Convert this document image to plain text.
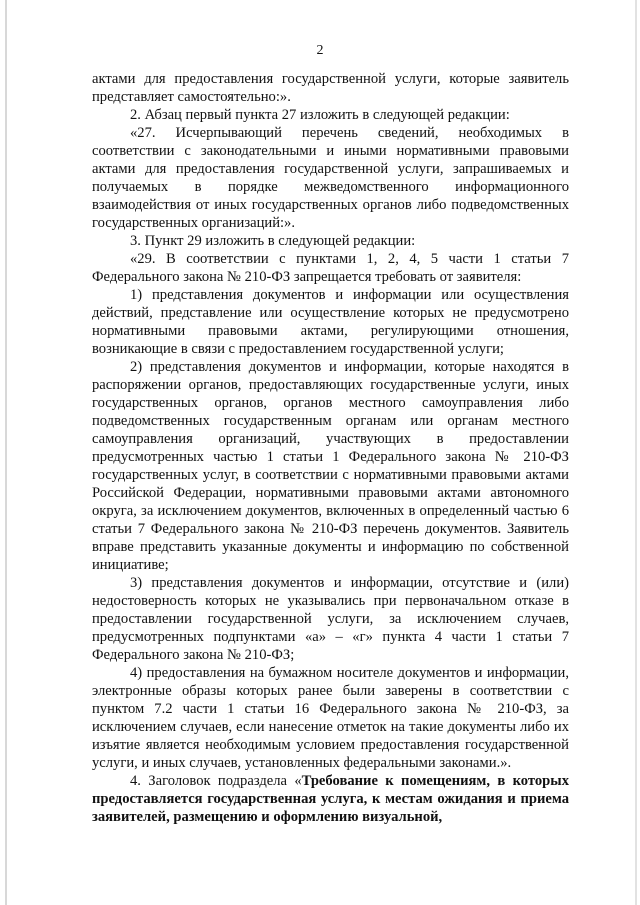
2

актами для предоставления государственной услуги, которые заявитель представляет самостоятельно:».

2. Абзац первый пункта 27 изложить в следующей редакции:

«27. Исчерпывающий перечень сведений, необходимых в соответствии с законодательными и иными нормативными правовыми актами для предоставления государственной услуги, запрашиваемых и получаемых в порядке межведомственного информационного взаимодействия от иных государственных органов либо подведомственных государственных организаций:».

3. Пункт 29 изложить в следующей редакции:

«29. В соответствии с пунктами 1, 2, 4, 5 части 1 статьи 7 Федерального закона № 210-ФЗ запрещается требовать от заявителя:

1) представления документов и информации или осуществления действий, представление или осуществление которых не предусмотрено нормативными правовыми актами, регулирующими отношения, возникающие в связи с предоставлением государственной услуги;

2) представления документов и информации, которые находятся в распоряжении органов, предоставляющих государственные услуги, иных государственных органов, органов местного самоуправления либо подведомственных государственным органам или органам местного самоуправления организаций, участвующих в предоставлении предусмотренных частью 1 статьи 1 Федерального закона № 210-ФЗ государственных услуг, в соответствии с нормативными правовыми актами Российской Федерации, нормативными правовыми актами автономного округа, за исключением документов, включенных в определенный частью 6 статьи 7 Федерального закона № 210-ФЗ перечень документов. Заявитель вправе представить указанные документы и информацию по собственной инициативе;

3) представления документов и информации, отсутствие и (или) недостоверность которых не указывались при первоначальном отказе в предоставлении государственной услуги, за исключением случаев, предусмотренных подпунктами «а» – «г» пункта 4 части 1 статьи 7 Федерального закона № 210-ФЗ;

4) предоставления на бумажном носителе документов и информации, электронные образы которых ранее были заверены в соответствии с пунктом 7.2 части 1 статьи 16 Федерального закона № 210-ФЗ, за исключением случаев, если нанесение отметок на такие документы либо их изъятие является необходимым условием предоставления государственной услуги, и иных случаев, установленных федеральными законами.».

4. Заголовок подраздела «Требование к помещениям, в которых предоставляется государственная услуга, к местам ожидания и приема заявителей, размещению и оформлению визуальной,
